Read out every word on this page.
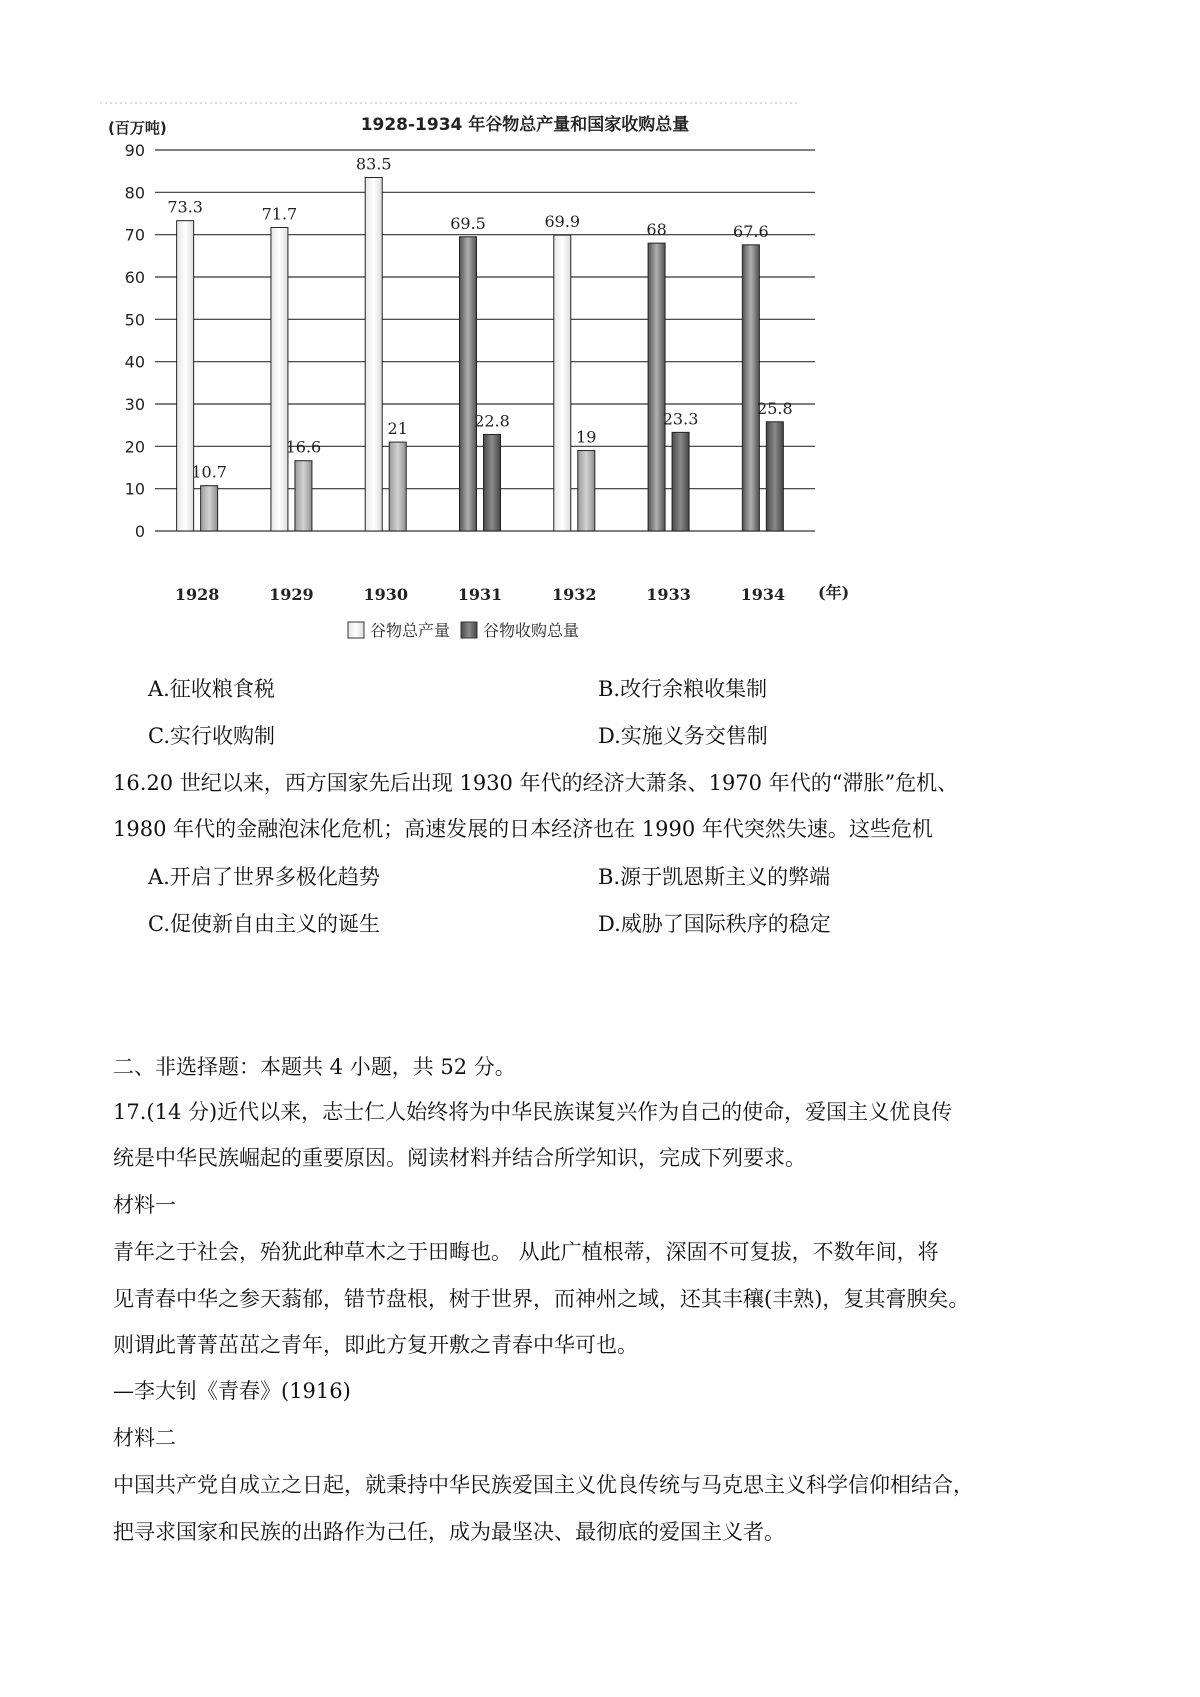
1928-1934 年谷物总产量和国家收购总量
(百万吨)
0
10
20
30
40
50
60
70
80
90
73.3
10.7
71.7
16.6
83.5
21
69.5
22.8
69.9
19
68
23.3
67.6
25.8
1928	1929	1930	1931	1932	1933	1934 (年)
谷物总产量 谷物收购总量
A.征收粮食税	B.改行余粮收集制
C.实行收购制	D.实施义务交售制
16.20 世纪以来，西方国家先后出现 1930 年代的经济大萧条、1970 年代的“滞胀”危机、
1980 年代的金融泡沫化危机；高速发展的日本经济也在 1990 年代突然失速。这些危机
A.开启了世界多极化趋势	B.源于凯恩斯主义的弊端
C.促使新自由主义的诞生	D.威胁了国际秩序的稳定
二、非选择题：本题共 4 小题，共 52 分。
17.(14 分)近代以来，志士仁人始终将为中华民族谋复兴作为自己的使命，爱国主义优良传
统是中华民族崛起的重要原因。阅读材料并结合所学知识，完成下列要求。
材料一
青年之于社会，殆犹此种草木之于田畮也。 从此广植根蒂，深固不可复拔，不数年间，将
见青春中华之参天蓊郁，错节盘根，树于世界，而神州之域，还其丰穰(丰熟)，复其膏腴矣。
则谓此菁菁茁茁之青年，即此方复开敷之青春中华可也。
—李大钊《青春》(1916)
材料二
中国共产党自成立之日起，就秉持中华民族爱国主义优良传统与马克思主义科学信仰相结合，
把寻求国家和民族的出路作为己任，成为最坚决、最彻底的爱国主义者。
